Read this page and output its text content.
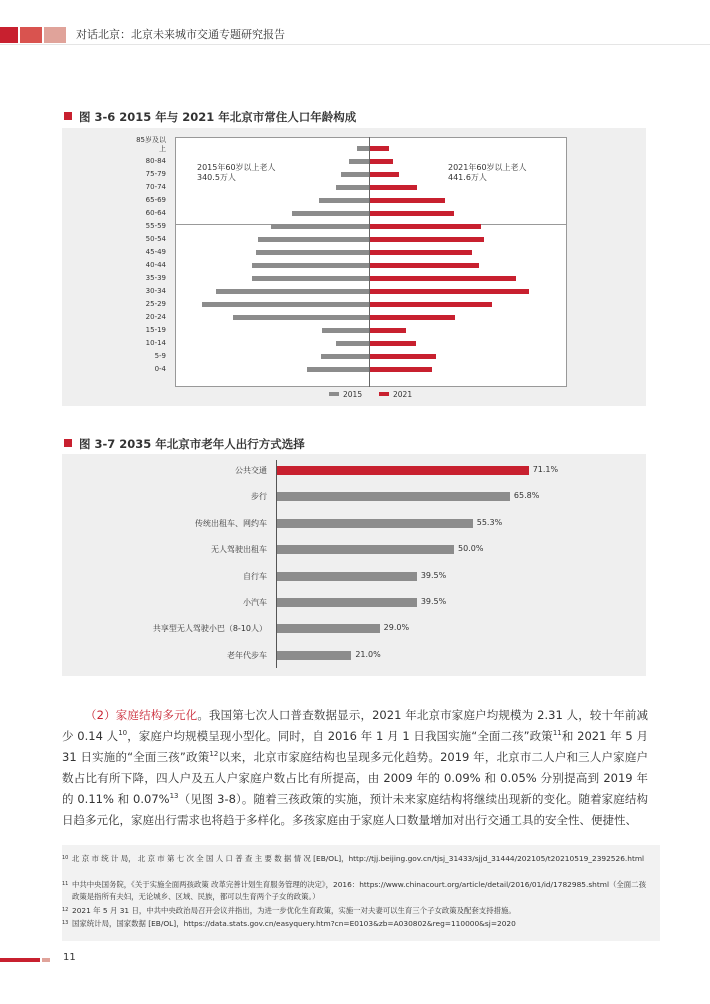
对话北京：北京未来城市交通专题研究报告
图 3-6 2015 年与 2021 年北京市常住人口年龄构成
85岁及以上
80-84
75-79
70-74
65-69
60-64
55-59
50-54
45-49
40-44
35-39
30-34
25-29
20-24
15-19
10-14
5-9
0-4
2015年60岁以上老人
340.5万人
2021年60岁以上老人
441.6万人
2015	2021
图 3-7 2035 年北京市老年人出行方式选择
公共交通	71.1%
步行	65.8%
传统出租车、网约车	55.3%
无人驾驶出租车	50.0%
自行车	39.5%
小汽车	39.5%
共享型无人驾驶小巴（8-10人）	29.0%
老年代步车	21.0%

（2）家庭结构多元化。我国第七次人口普查数据显示，2021 年北京市家庭户均规模为 2.31 人，较十年前减少 0.14 人$^{10}$，家庭户均规模呈现小型化。同时，自 2016 年 1 月 1 日我国实施“全面二孩”政策$^{11}$和 2021 年 5 月 31 日实施的“全面三孩”政策$^{12}$以来，北京市家庭结构也呈现多元化趋势。2019 年，北京市二人户和三人户家庭户数占比有所下降，四人户及五人户家庭户数占比有所提高，由 2009 年的 0.09% 和 0.05% 分别提高到 2019 年的 0.11% 和 0.07%$^{13}$（见图 3-8）。随着三孩政策的实施，预计未来家庭结构将继续出现新的变化。随着家庭结构日趋多元化，家庭出行需求也将趋于多样化。多孩家庭由于家庭人口数量增加对出行交通工具的安全性、便捷性、

10 北 京 市 统 计 局， 北 京 市 第 七 次 全 国 人 口 普 查 主 要 数 据 情 况 [EB/OL]，http://tjj.beijing.gov.cn/tjsj_31433/sjjd_31444/202105/t20210519_2392526.html
11 中共中央国务院，《关于实施全面两孩政策 改革完善计划生育服务管理的决定》，2016：https://www.chinacourt.org/article/detail/2016/01/id/1782985.shtml（全面二孩政策是指所有夫妇，无论城乡、区域、民族，都可以生育两个子女的政策。）
12 2021 年 5 月 31 日，中共中央政治局召开会议并指出，为进一步优化生育政策，实施一对夫妻可以生育三个子女政策及配套支持措施。
13 国家统计局，国家数据 [EB/OL]，https://data.stats.gov.cn/easyquery.htm?cn=E0103&zb=A030802&reg=110000&sj=2020
11
